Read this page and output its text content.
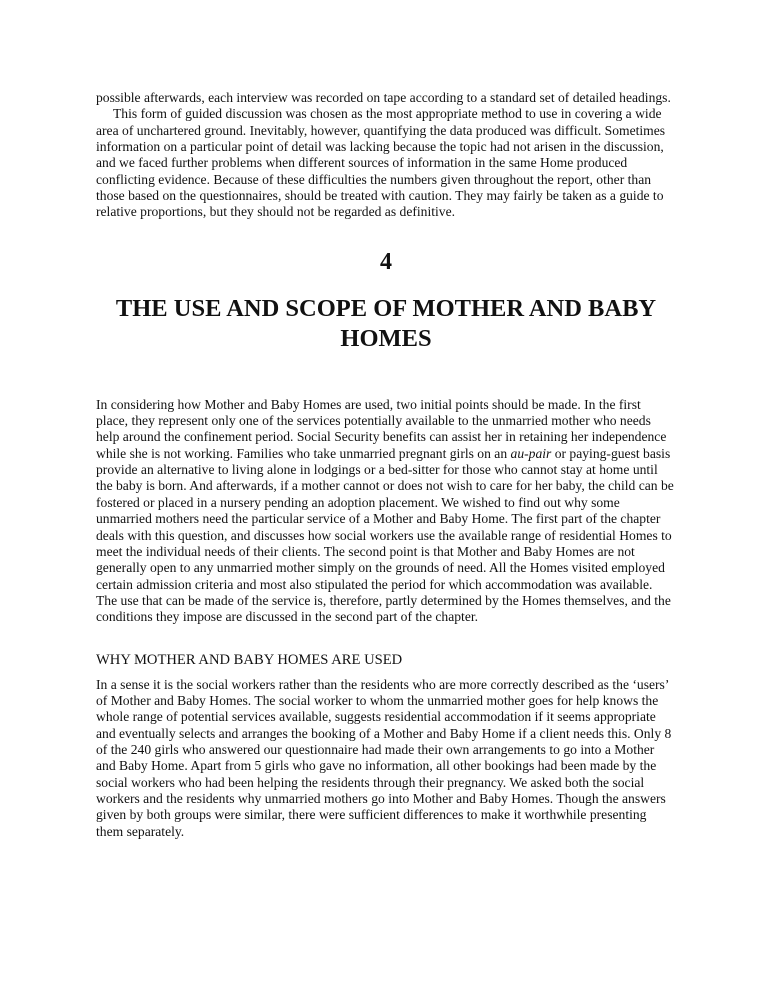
possible afterwards, each interview was recorded on tape according to a standard set of detailed headings.

This form of guided discussion was chosen as the most appropriate method to use in covering a wide area of unchartered ground. Inevitably, however, quantifying the data produced was difficult. Sometimes information on a particular point of detail was lacking because the topic had not arisen in the discussion, and we faced further problems when different sources of information in the same Home produced conflicting evidence. Because of these difficulties the numbers given throughout the report, other than those based on the questionnaires, should be treated with caution. They may fairly be taken as a guide to relative proportions, but they should not be regarded as definitive.

4
THE USE AND SCOPE OF MOTHER AND BABY HOMES

In considering how Mother and Baby Homes are used, two initial points should be made. In the first place, they represent only one of the services potentially available to the unmarried mother who needs help around the confinement period. Social Security benefits can assist her in retaining her independence while she is not working. Families who take unmarried pregnant girls on an au-pair or paying-guest basis provide an alternative to living alone in lodgings or a bed-sitter for those who cannot stay at home until the baby is born. And afterwards, if a mother cannot or does not wish to care for her baby, the child can be fostered or placed in a nursery pending an adoption placement. We wished to find out why some unmarried mothers need the particular service of a Mother and Baby Home. The first part of the chapter deals with this question, and discusses how social workers use the available range of residential Homes to meet the individual needs of their clients. The second point is that Mother and Baby Homes are not generally open to any unmarried mother simply on the grounds of need. All the Homes visited employed certain admission criteria and most also stipulated the period for which accommodation was available. The use that can be made of the service is, therefore, partly determined by the Homes themselves, and the conditions they impose are discussed in the second part of the chapter.

WHY MOTHER AND BABY HOMES ARE USED

In a sense it is the social workers rather than the residents who are more correctly described as the ‘users’ of Mother and Baby Homes. The social worker to whom the unmarried mother goes for help knows the whole range of potential services available, suggests residential accommodation if it seems appropriate and eventually selects and arranges the booking of a Mother and Baby Home if a client needs this. Only 8 of the 240 girls who answered our questionnaire had made their own arrangements to go into a Mother and Baby Home. Apart from 5 girls who gave no information, all other bookings had been made by the social workers who had been helping the residents through their pregnancy. We asked both the social workers and the residents why unmarried mothers go into Mother and Baby Homes. Though the answers given by both groups were similar, there were sufficient differences to make it worthwhile presenting them separately.
